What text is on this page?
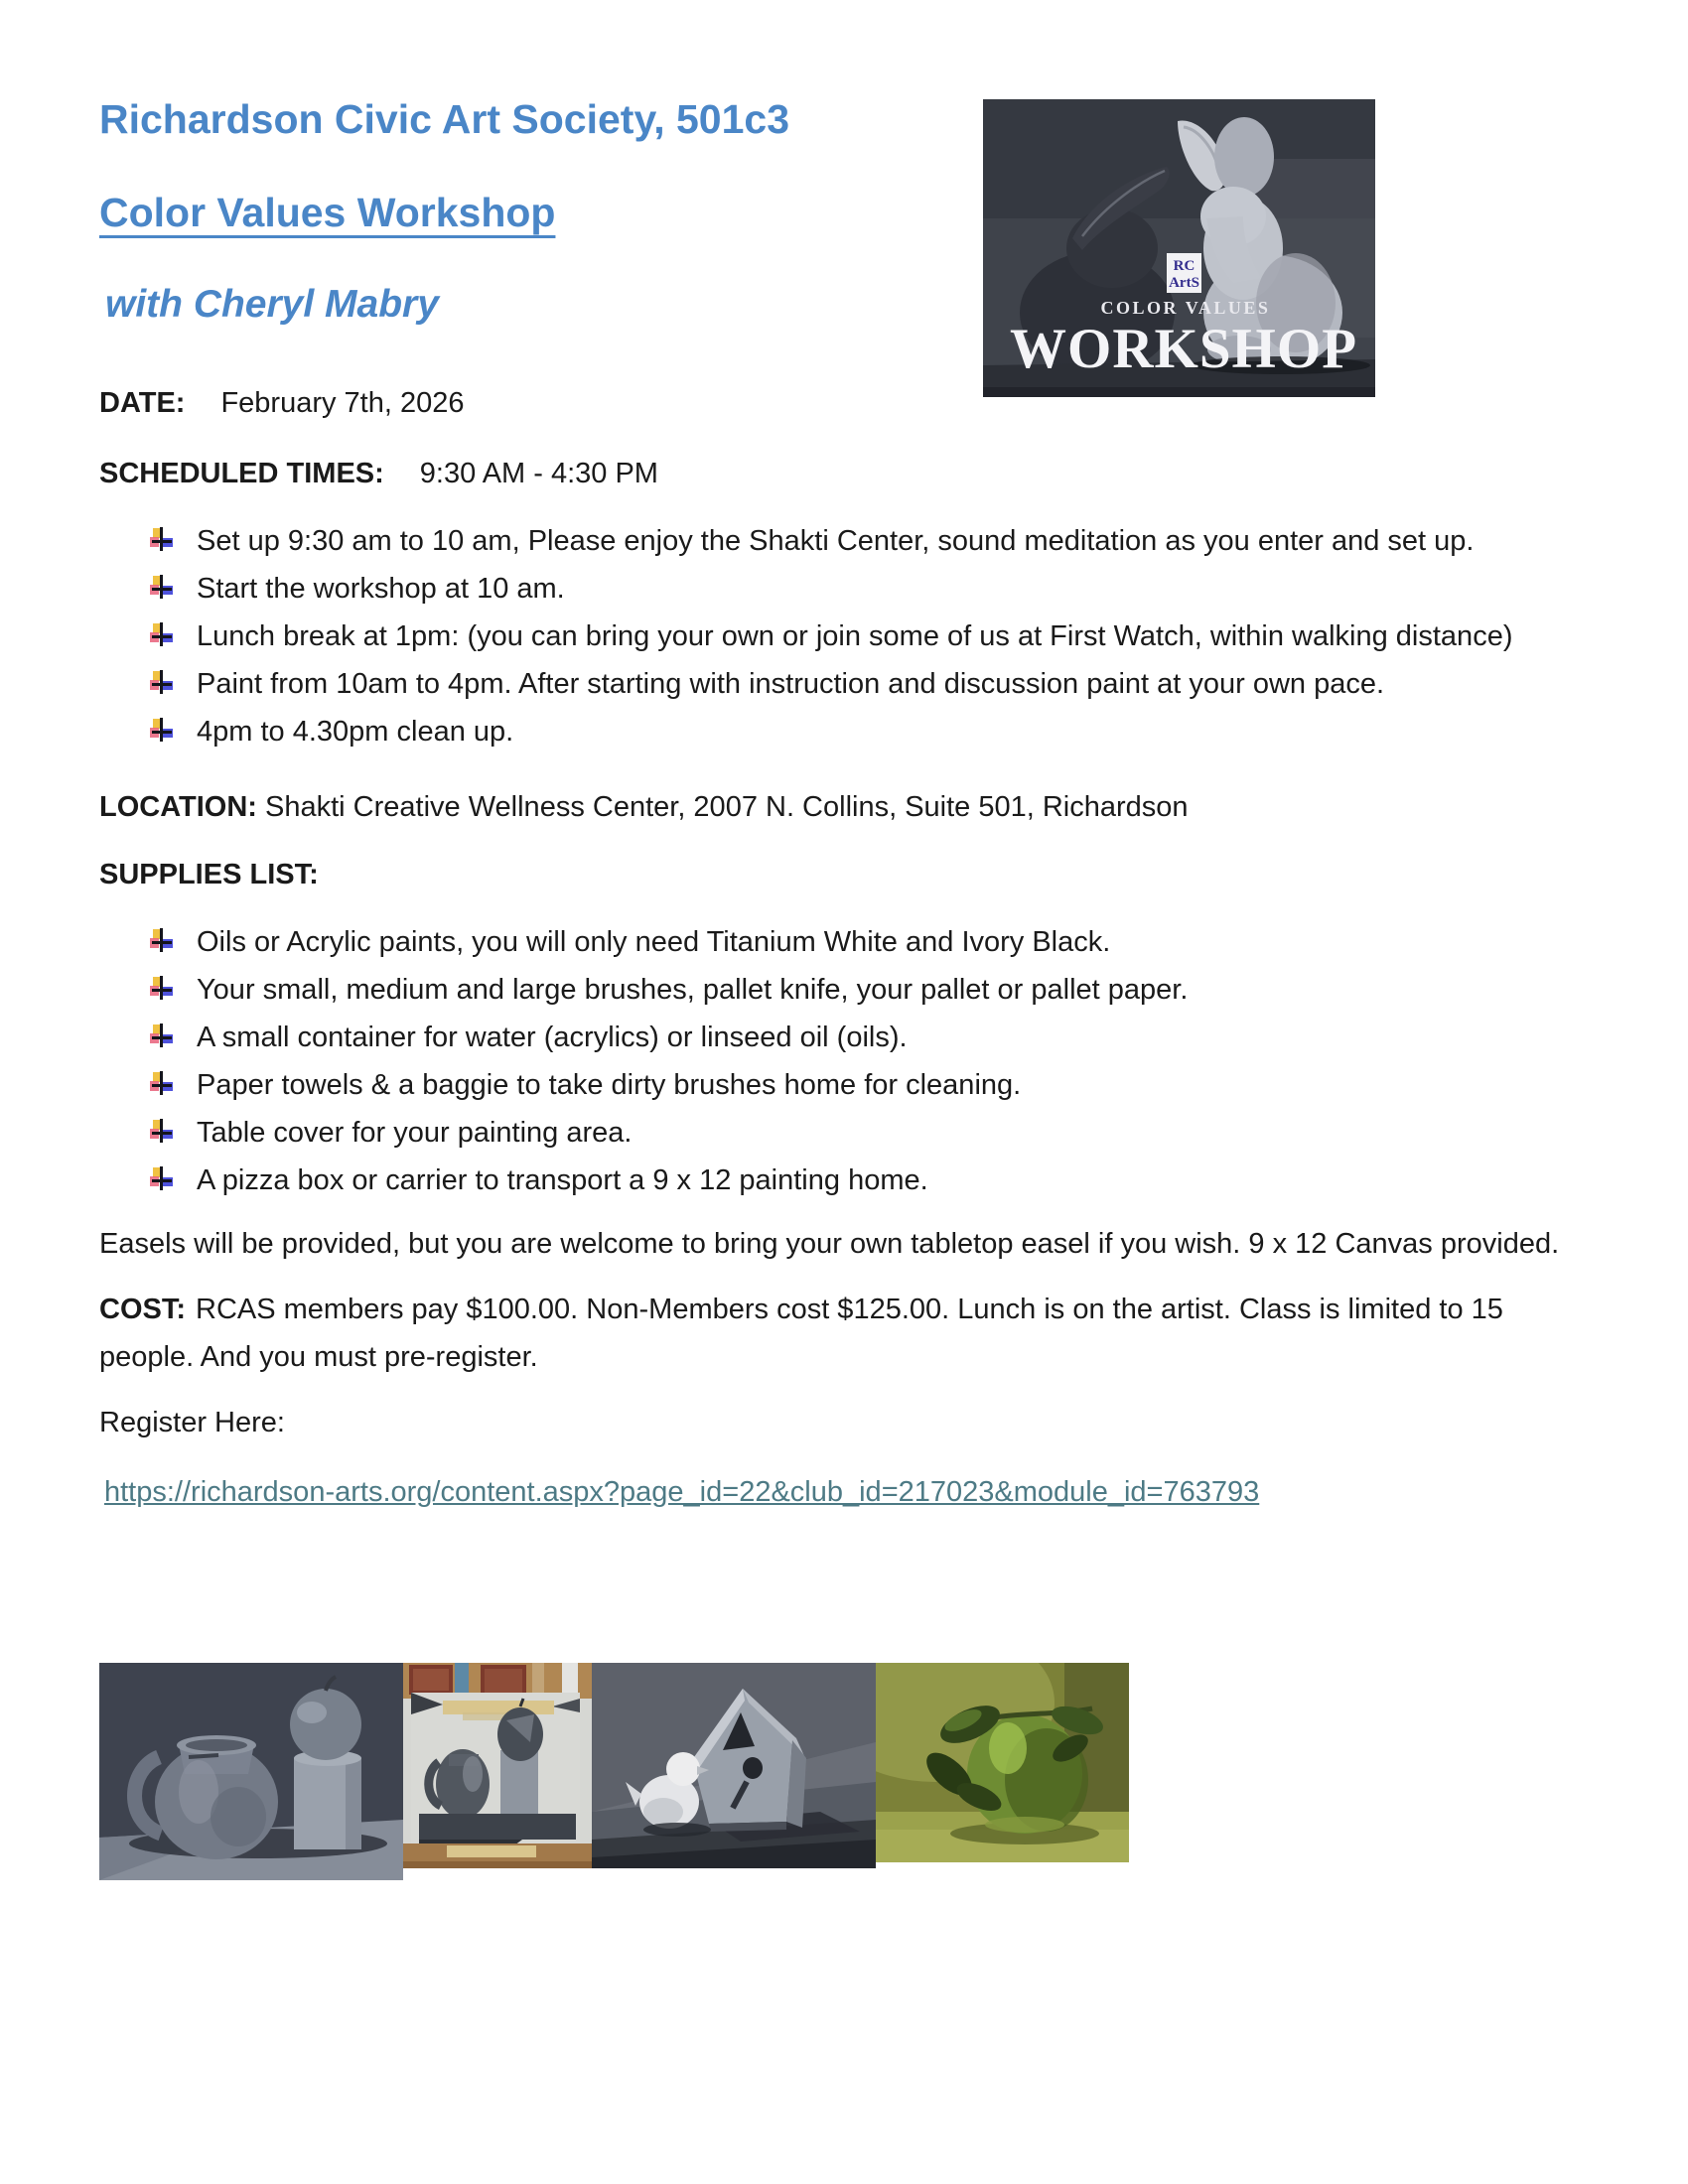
RC
ArtS
COLOR VALUES
WORKSHOP
Richardson Civic Art Society, 501c3
Color Values Workshop
with Cheryl Mabry

DATE: February 7th, 2026

SCHEDULED TIMES: 9:30 AM - 4:30 PM

Set up 9:30 am to 10 am, Please enjoy the Shakti Center, sound meditation as you enter and set up.
Start the workshop at 10 am.
Lunch break at 1pm: (you can bring your own or join some of us at First Watch, within walking distance)
Paint from 10am to 4pm. After starting with instruction and discussion paint at your own pace.
4pm to 4.30pm clean up.

LOCATION: Shakti Creative Wellness Center, 2007 N. Collins, Suite 501, Richardson

SUPPLIES LIST:

Oils or Acrylic paints, you will only need Titanium White and Ivory Black.
Your small, medium and large brushes, pallet knife, your pallet or pallet paper.
A small container for water (acrylics) or linseed oil (oils).
Paper towels & a baggie to take dirty brushes home for cleaning.
Table cover for your painting area.
A pizza box or carrier to transport a 9 x 12 painting home.

Easels will be provided, but you are welcome to bring your own tabletop easel if you wish. 9 x 12 Canvas provided.

COST: RCAS members pay $100.00. Non-Members cost $125.00. Lunch is on the artist. Class is limited to 15 people. And you must pre-register.

Register Here:

https://richardson-arts.org/content.aspx?page_id=22&club_id=217023&module_id=763793
